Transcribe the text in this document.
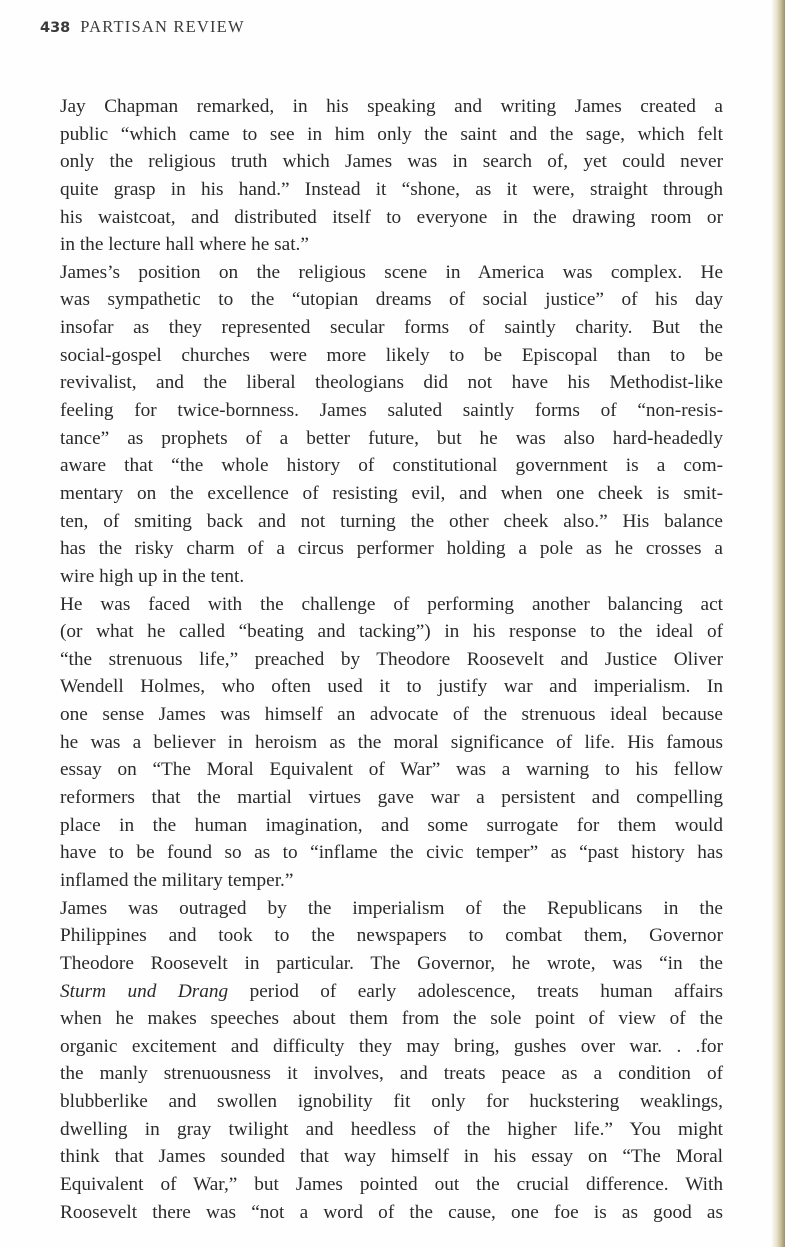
438 PARTISAN REVIEW
Jay Chapman remarked, in his speaking and writing James created a
public “which came to see in him only the saint and the sage, which felt
only the religious truth which James was in search of, yet could never
quite grasp in his hand.” Instead it “shone, as it were, straight through
his waistcoat, and distributed itself to everyone in the drawing room or
in the lecture hall where he sat.”
James’s position on the religious scene in America was complex. He
was sympathetic to the “utopian dreams of social justice” of his day
insofar as they represented secular forms of saintly charity. But the
social-gospel churches were more likely to be Episcopal than to be
revivalist, and the liberal theologians did not have his Methodist-like
feeling for twice-bornness. James saluted saintly forms of “non-resis-
tance” as prophets of a better future, but he was also hard-headedly
aware that “the whole history of constitutional government is a com-
mentary on the excellence of resisting evil, and when one cheek is smit-
ten, of smiting back and not turning the other cheek also.” His balance
has the risky charm of a circus performer holding a pole as he crosses a
wire high up in the tent.
He was faced with the challenge of performing another balancing act
(or what he called “beating and tacking”) in his response to the ideal of
“the strenuous life,” preached by Theodore Roosevelt and Justice Oliver
Wendell Holmes, who often used it to justify war and imperialism. In
one sense James was himself an advocate of the strenuous ideal because
he was a believer in heroism as the moral significance of life. His famous
essay on “The Moral Equivalent of War” was a warning to his fellow
reformers that the martial virtues gave war a persistent and compelling
place in the human imagination, and some surrogate for them would
have to be found so as to “inflame the civic temper” as “past history has
inflamed the military temper.”
James was outraged by the imperialism of the Republicans in the
Philippines and took to the newspapers to combat them, Governor
Theodore Roosevelt in particular. The Governor, he wrote, was “in the
Sturm und Drang period of early adolescence, treats human affairs
when he makes speeches about them from the sole point of view of the
organic excitement and difficulty they may bring, gushes over war. . .for
the manly strenuousness it involves, and treats peace as a condition of
blubberlike and swollen ignobility fit only for huckstering weaklings,
dwelling in gray twilight and heedless of the higher life.” You might
think that James sounded that way himself in his essay on “The Moral
Equivalent of War,” but James pointed out the crucial difference. With
Roosevelt there was “not a word of the cause, one foe is as good as
